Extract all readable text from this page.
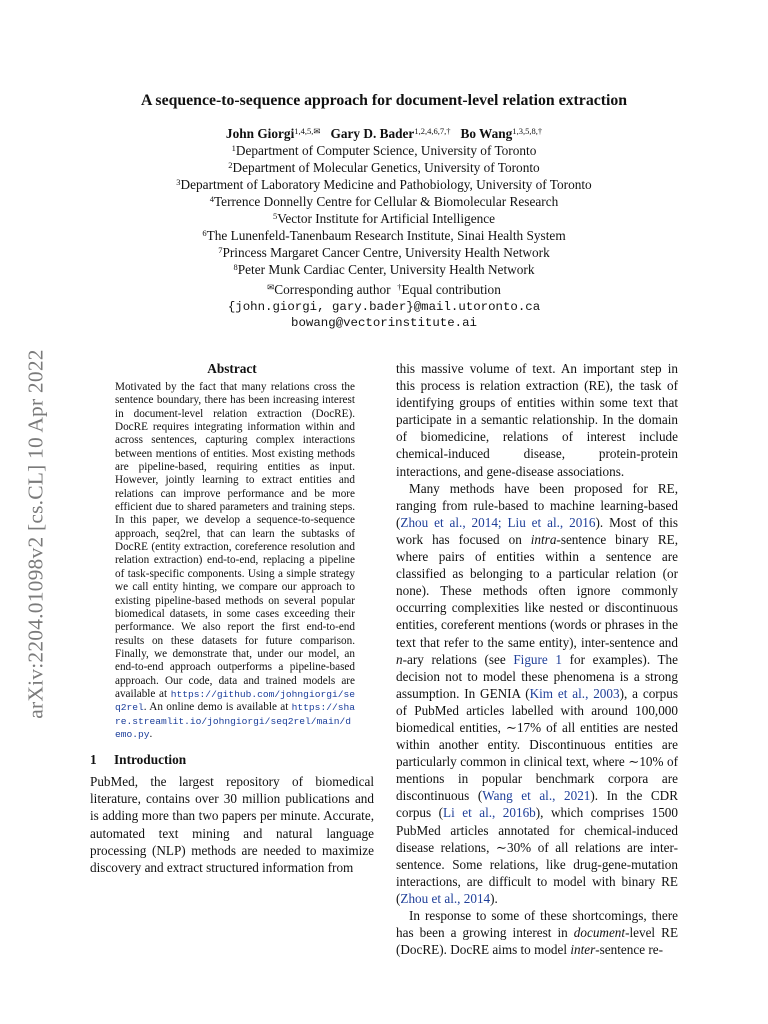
arXiv:2204.01098v2 [cs.CL] 10 Apr 2022
A sequence-to-sequence approach for document-level relation extraction
John Giorgi$^{1,4,5,✉}$ Gary D. Bader$^{1,2,4,6,7,\dagger}$ Bo Wang$^{1,3,5,8,\dagger}$
$^1$Department of Computer Science, University of Toronto
$^2$Department of Molecular Genetics, University of Toronto
$^3$Department of Laboratory Medicine and Pathobiology, University of Toronto
$^4$Terrence Donnelly Centre for Cellular & Biomolecular Research
$^5$Vector Institute for Artificial Intelligence
$^6$The Lunenfeld-Tanenbaum Research Institute, Sinai Health System
$^7$Princess Margaret Cancer Centre, University Health Network
$^8$Peter Munk Cardiac Center, University Health Network
✉Corresponding author †Equal contribution
{john.giorgi, gary.bader}@mail.utoronto.ca
bowang@vectorinstitute.ai
Abstract
Motivated by the fact that many relations cross the sentence boundary, there has been increasing interest in document-level relation extraction (DocRE). DocRE requires integrating information within and across sentences, capturing complex interactions between mentions of entities. Most existing methods are pipeline-based, requiring entities as input. However, jointly learning to extract entities and relations can improve performance and be more efficient due to shared parameters and training steps. In this paper, we develop a sequence-to-sequence approach, seq2rel, that can learn the subtasks of DocRE (entity extraction, coreference resolution and relation extraction) end-to-end, replacing a pipeline of task-specific components. Using a simple strategy we call entity hinting, we compare our approach to existing pipeline-based methods on several popular biomedical datasets, in some cases exceeding their performance. We also report the first end-to-end results on these datasets for future comparison. Finally, we demonstrate that, under our model, an end-to-end approach outperforms a pipeline-based approach. Our code, data and trained models are available at https://github.com/johngiorgi/seq2rel. An online demo is available at https://share.streamlit.io/johngiorgi/seq2rel/main/demo.py.
1 Introduction

PubMed, the largest repository of biomedical literature, contains over 30 million publications and is adding more than two papers per minute. Accurate, automated text mining and natural language processing (NLP) methods are needed to maximize discovery and extract structured information from

this massive volume of text. An important step in this process is relation extraction (RE), the task of identifying groups of entities within some text that participate in a semantic relationship. In the domain of biomedicine, relations of interest include chemical-induced disease, protein-protein interactions, and gene-disease associations.

Many methods have been proposed for RE, ranging from rule-based to machine learning-based (Zhou et al., 2014; Liu et al., 2016). Most of this work has focused on intra-sentence binary RE, where pairs of entities within a sentence are classified as belonging to a particular relation (or none). These methods often ignore commonly occurring complexities like nested or discontinuous entities, coreferent mentions (words or phrases in the text that refer to the same entity), inter-sentence and n-ary relations (see Figure 1 for examples). The decision not to model these phenomena is a strong assumption. In GENIA (Kim et al., 2003), a corpus of PubMed articles labelled with around 100,000 biomedical entities, ∼17% of all entities are nested within another entity. Discontinuous entities are particularly common in clinical text, where ∼10% of mentions in popular benchmark corpora are discontinuous (Wang et al., 2021). In the CDR corpus (Li et al., 2016b), which comprises 1500 PubMed articles annotated for chemical-induced disease relations, ∼30% of all relations are inter-sentence. Some relations, like drug-gene-mutation interactions, are difficult to model with binary RE (Zhou et al., 2014).

In response to some of these shortcomings, there has been a growing interest in document-level RE (DocRE). DocRE aims to model inter-sentence re-
